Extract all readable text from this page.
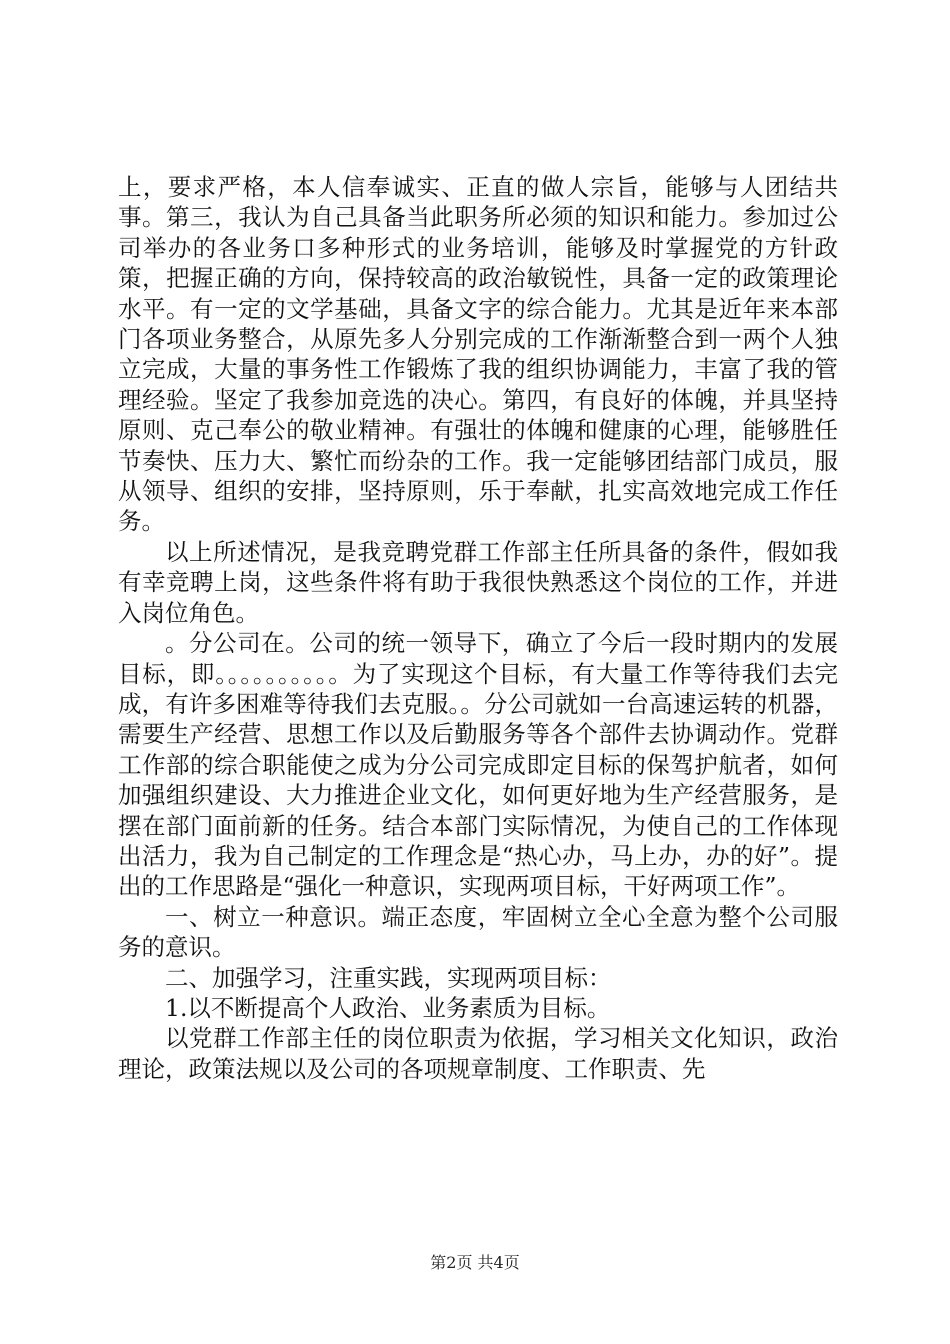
上，要求严格，本人信奉诚实、正直的做人宗旨，能够与人团结共事。第三，我认为自己具备当此职务所必须的知识和能力。参加过公司举办的各业务口多种形式的业务培训，能够及时掌握党的方针政策，把握正确的方向，保持较高的政治敏锐性，具备一定的政策理论水平。有一定的文学基础，具备文字的综合能力。尤其是近年来本部门各项业务整合，从原先多人分别完成的工作渐渐整合到一两个人独立完成，大量的事务性工作锻炼了我的组织协调能力，丰富了我的管理经验。坚定了我参加竞选的决心。第四，有良好的体魄，并具坚持原则、克己奉公的敬业精神。有强壮的体魄和健康的心理，能够胜任节奏快、压力大、繁忙而纷杂的工作。我一定能够团结部门成员，服从领导、组织的安排，坚持原则，乐于奉献，扎实高效地完成工作任务。

以上所述情况，是我竞聘党群工作部主任所具备的条件，假如我有幸竞聘上岗，这些条件将有助于我很快熟悉这个岗位的工作，并进入岗位角色。

。分公司在。公司的统一领导下，确立了今后一段时期内的发展目标，即。。。。。。。。。。为了实现这个目标，有大量工作等待我们去完成，有许多困难等待我们去克服。。分公司就如一台高速运转的机器，需要生产经营、思想工作以及后勤服务等各个部件去协调动作。党群工作部的综合职能使之成为分公司完成即定目标的保驾护航者，如何加强组织建设、大力推进企业文化，如何更好地为生产经营服务，是摆在部门面前新的任务。结合本部门实际情况，为使自己的工作体现出活力，我为自己制定的工作理念是“热心办，马上办，办的好”。提出的工作思路是“强化一种意识，实现两项目标，干好两项工作”。

一、树立一种意识。端正态度，牢固树立全心全意为整个公司服务的意识。

二、加强学习，注重实践，实现两项目标：

1.以不断提高个人政治、业务素质为目标。

以党群工作部主任的岗位职责为依据，学习相关文化知识，政治理论，政策法规以及公司的各项规章制度、工作职责、先

第2页 共4页
